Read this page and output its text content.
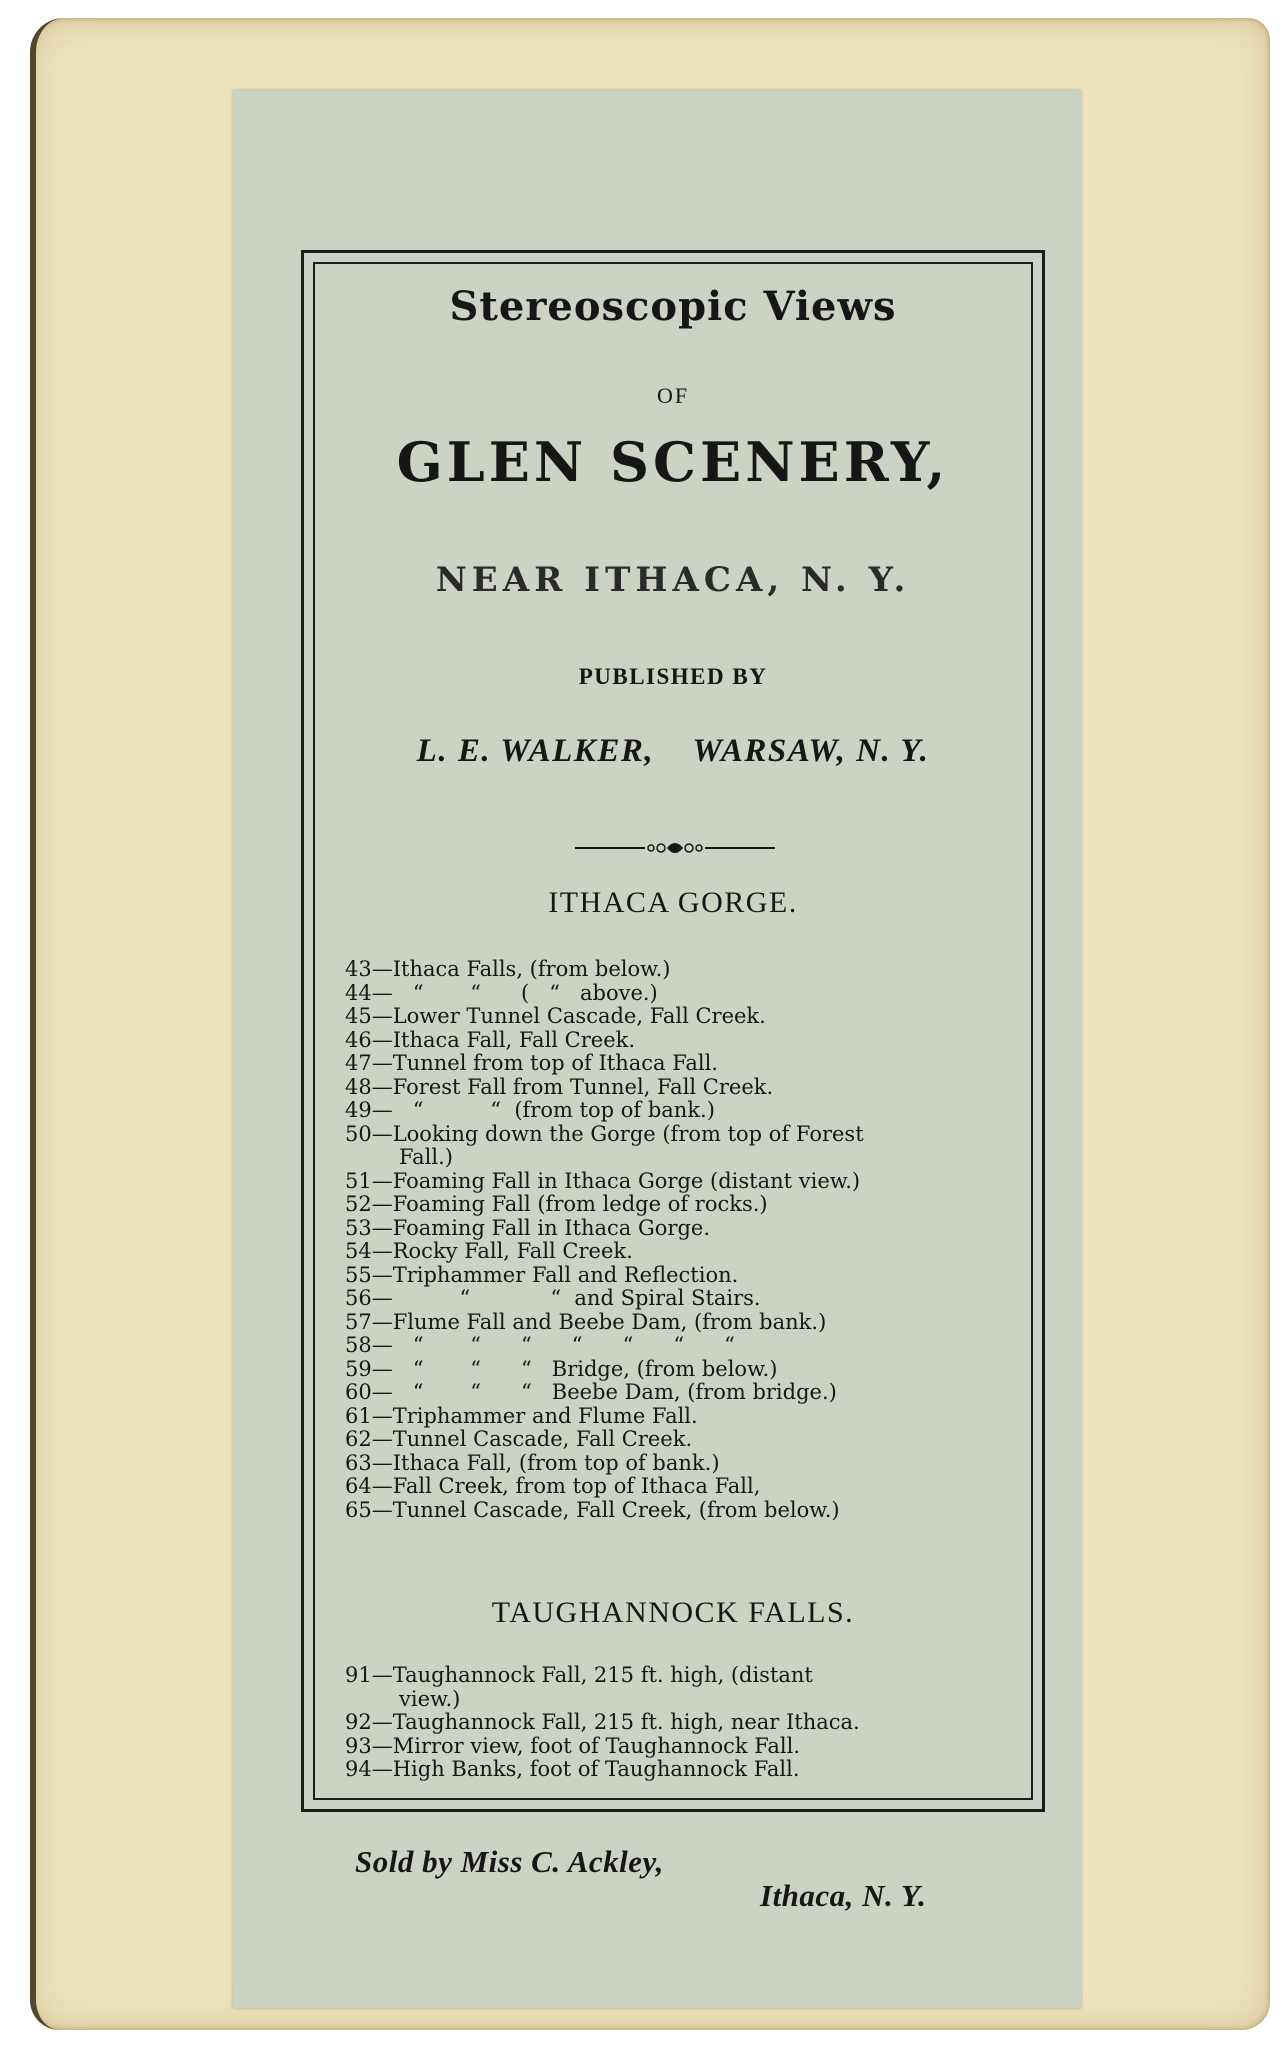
Stereoscopic Views
OF
GLEN SCENERY,
NEAR ITHACA, N. Y.
PUBLISHED BY
L. E. WALKER,    WARSAW, N. Y.
ITHACA GORGE.
43—Ithaca Falls, (from below.)
44—   “       “      (   “   above.)
45—Lower Tunnel Cascade, Fall Creek.
46—Ithaca Fall, Fall Creek.
47—Tunnel from top of Ithaca Fall.
48—Forest Fall from Tunnel, Fall Creek.
49—   “          “  (from top of bank.)
50—Looking down the Gorge (from top of Forest
Fall.)
51—Foaming Fall in Ithaca Gorge (distant view.)
52—Foaming Fall (from ledge of rocks.)
53—Foaming Fall in Ithaca Gorge.
54—Rocky Fall, Fall Creek.
55—Triphammer Fall and Reflection.
56—          “            “  and Spiral Stairs.
57—Flume Fall and Beebe Dam, (from bank.)
58—   “       “      “      “      “      “      “
59—   “       “      “   Bridge, (from below.)
60—   “       “      “   Beebe Dam, (from bridge.)
61—Triphammer and Flume Fall.
62—Tunnel Cascade, Fall Creek.
63—Ithaca Fall, (from top of bank.)
64—Fall Creek, from top of Ithaca Fall,
65—Tunnel Cascade, Fall Creek, (from below.)
TAUGHANNOCK FALLS.
91—Taughannock Fall, 215 ft. high, (distant
view.)
92—Taughannock Fall, 215 ft. high, near Ithaca.
93—Mirror view, foot of Taughannock Fall.
94—High Banks, foot of Taughannock Fall.
Sold by Miss C. Ackley,
Ithaca, N. Y.
